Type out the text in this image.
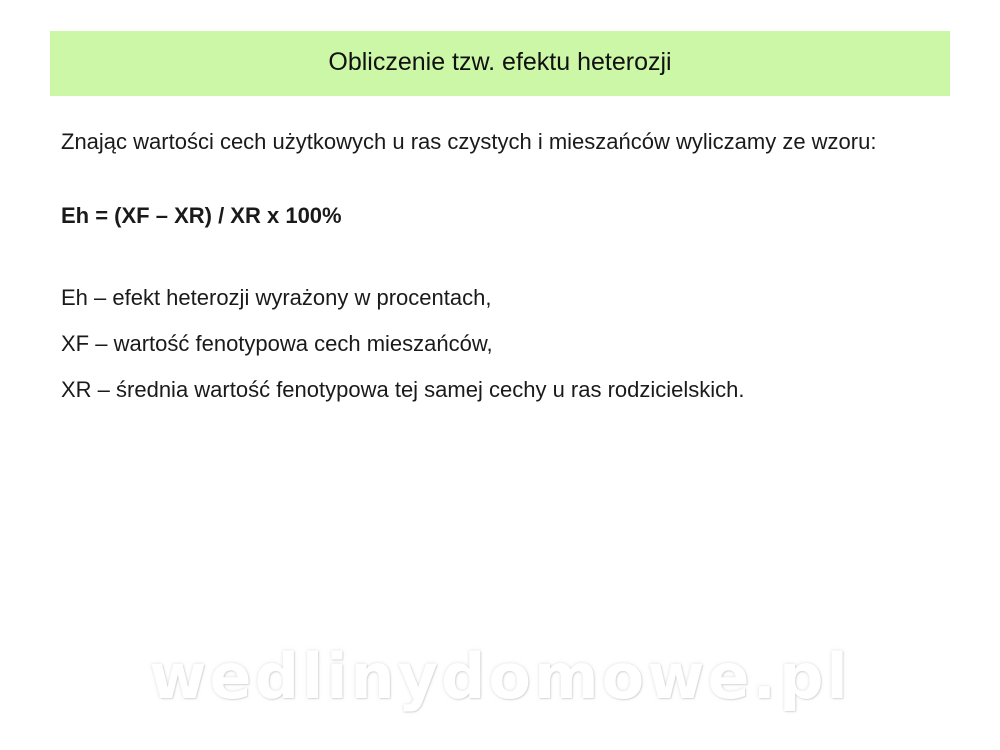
Obliczenie tzw. efektu heterozji

Znając wartości cech użytkowych u ras czystych i mieszańców wyliczamy ze wzoru:

Eh = (XF – XR) / XR x 100%

Eh – efekt heterozji wyrażony w procentach,

XF – wartość fenotypowa cech mieszańców,

XR – średnia wartość fenotypowa tej samej cechy u ras rodzicielskich.

wedlinydomowe.pl
